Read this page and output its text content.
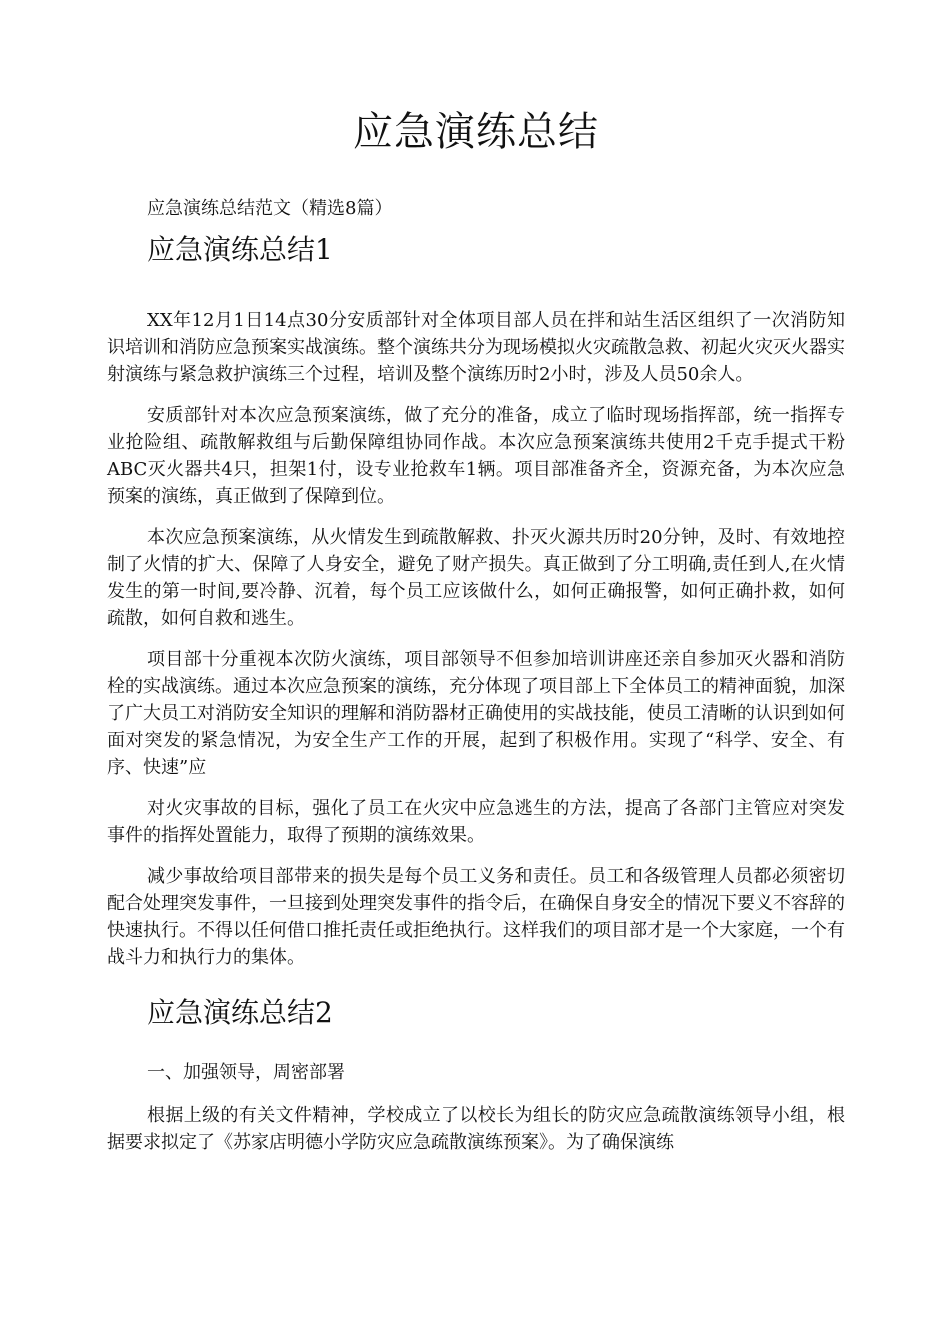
应急演练总结

应急演练总结范文（精选8篇）

应急演练总结1

XX年12月1日14点30分安质部针对全体项目部人员在拌和站生活区组织了一次消防知识培训和消防应急预案实战演练。整个演练共分为现场模拟火灾疏散急救、初起火灾灭火器实射演练与紧急救护演练三个过程，培训及整个演练历时2小时，涉及人员50余人。

安质部针对本次应急预案演练，做了充分的准备，成立了临时现场指挥部，统一指挥专业抢险组、疏散解救组与后勤保障组协同作战。本次应急预案演练共使用2千克手提式干粉ABC灭火器共4只，担架1付，设专业抢救车1辆。项目部准备齐全，资源充备，为本次应急预案的演练，真正做到了保障到位。

本次应急预案演练，从火情发生到疏散解救、扑灭火源共历时20分钟，及时、有效地控制了火情的扩大、保障了人身安全，避免了财产损失。真正做到了分工明确,责任到人,在火情发生的第一时间,要冷静、沉着，每个员工应该做什么，如何正确报警，如何正确扑救，如何疏散，如何自救和逃生。

项目部十分重视本次防火演练，项目部领导不但参加培训讲座还亲自参加灭火器和消防栓的实战演练。通过本次应急预案的演练，充分体现了项目部上下全体员工的精神面貌，加深了广大员工对消防安全知识的理解和消防器材正确使用的实战技能，使员工清晰的认识到如何面对突发的紧急情况，为安全生产工作的开展，起到了积极作用。实现了“科学、安全、有序、快速”应

对火灾事故的目标，强化了员工在火灾中应急逃生的方法，提高了各部门主管应对突发事件的指挥处置能力，取得了预期的演练效果。

减少事故给项目部带来的损失是每个员工义务和责任。员工和各级管理人员都必须密切配合处理突发事件，一旦接到处理突发事件的指令后，在确保自身安全的情况下要义不容辞的快速执行。不得以任何借口推托责任或拒绝执行。这样我们的项目部才是一个大家庭，一个有战斗力和执行力的集体。

应急演练总结2

一、加强领导，周密部署

根据上级的有关文件精神，学校成立了以校长为组长的防灾应急疏散演练领导小组，根据要求拟定了《苏家店明德小学防灾应急疏散演练预案》。为了确保演练
